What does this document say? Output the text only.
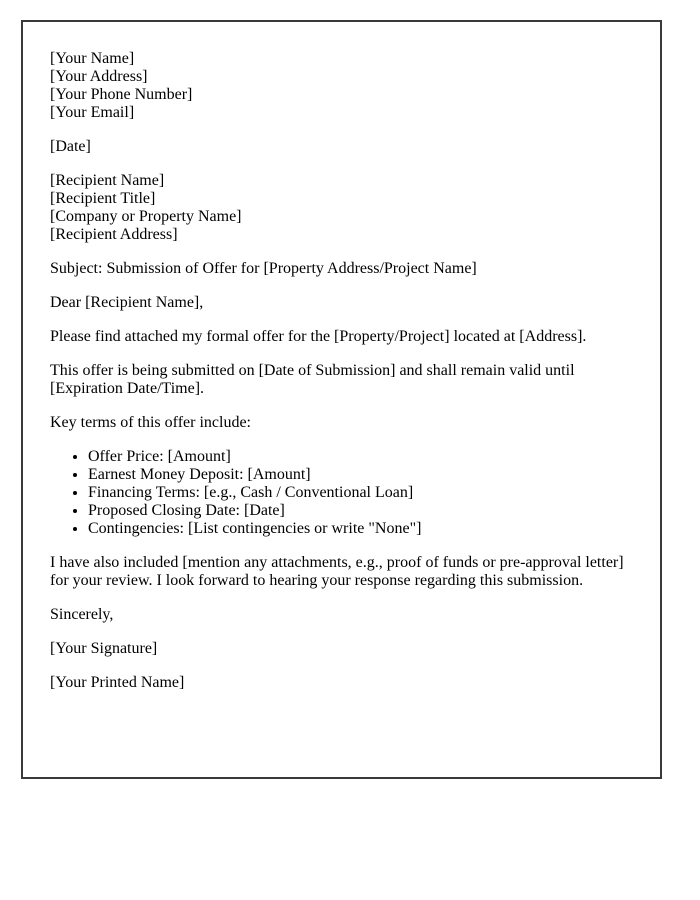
[Your Name]
[Your Address]
[Your Phone Number]
[Your Email]

[Date]

[Recipient Name]
[Recipient Title]
[Company or Property Name]
[Recipient Address]

Subject: Submission of Offer for [Property Address/Project Name]

Dear [Recipient Name],

Please find attached my formal offer for the [Property/Project] located at [Address].

This offer is being submitted on [Date of Submission] and shall remain valid until [Expiration Date/Time].

Key terms of this offer include:

• Offer Price: [Amount]
• Earnest Money Deposit: [Amount]
• Financing Terms: [e.g., Cash / Conventional Loan]
• Proposed Closing Date: [Date]
• Contingencies: [List contingencies or write "None"]

I have also included [mention any attachments, e.g., proof of funds or pre-approval letter] for your review. I look forward to hearing your response regarding this submission.

Sincerely,

[Your Signature]

[Your Printed Name]
